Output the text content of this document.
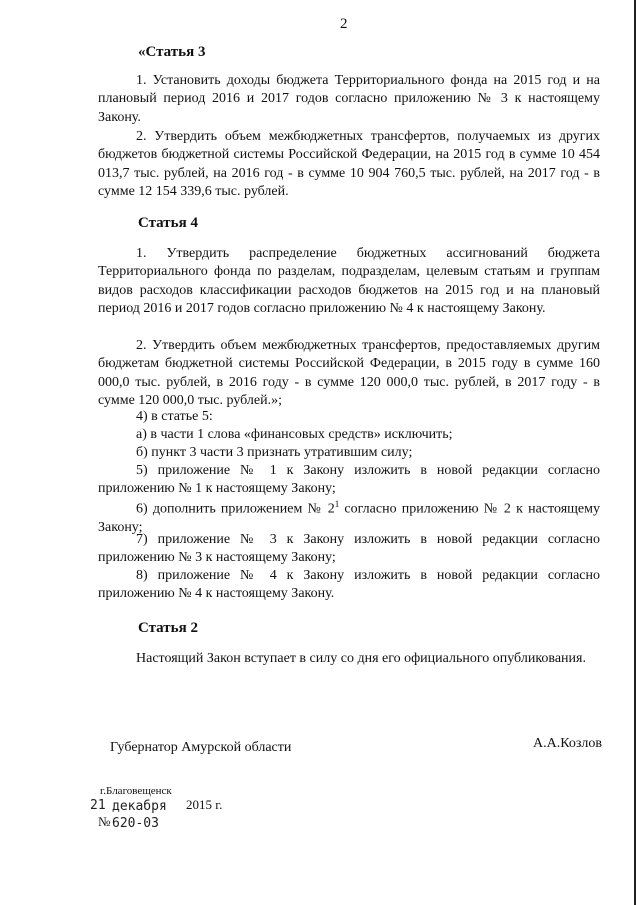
2
«Статья 3

1. Установить доходы бюджета Территориального фонда на 2015 год и на плановый период 2016 и 2017 годов согласно приложению № 3 к настоящему Закону.

2. Утвердить объем межбюджетных трансфертов, получаемых из других бюджетов бюджетной системы Российской Федерации, на 2015 год в сумме 10 454 013,7 тыс. рублей, на 2016 год - в сумме 10 904 760,5 тыс. рублей, на 2017 год - в сумме 12 154 339,6 тыс. рублей.

Статья 4

1. Утвердить распределение бюджетных ассигнований бюджета Территориального фонда по разделам, подразделам, целевым статьям и группам видов расходов классификации расходов бюджетов на 2015 год и на плановый период 2016 и 2017 годов согласно приложению № 4 к настоящему Закону.

2. Утвердить объем межбюджетных трансфертов, предоставляемых другим бюджетам бюджетной системы Российской Федерации, в 2015 году в сумме 160 000,0 тыс. рублей, в 2016 году - в сумме 120 000,0 тыс. рублей, в 2017 году - в сумме 120 000,0 тыс. рублей.»;

4) в статье 5:
а) в части 1 слова «финансовых средств» исключить;
б) пункт 3 части 3 признать утратившим силу;

5) приложение № 1 к Закону изложить в новой редакции согласно приложению № 1 к настоящему Закону;

6) дополнить приложением № $2^1$ согласно приложению № 2 к настоящему Закону;

7) приложение № 3 к Закону изложить в новой редакции согласно приложению № 3 к настоящему Закону;

8) приложение № 4 к Закону изложить в новой редакции согласно приложению № 4 к настоящему Закону.

Статья 2

Настоящий Закон вступает в силу со дня его официального опубликования.

Губернатор Амурской области	А.А.Козлов
г.Благовещенск
21 декабря 2015 г.
№ 620-03
